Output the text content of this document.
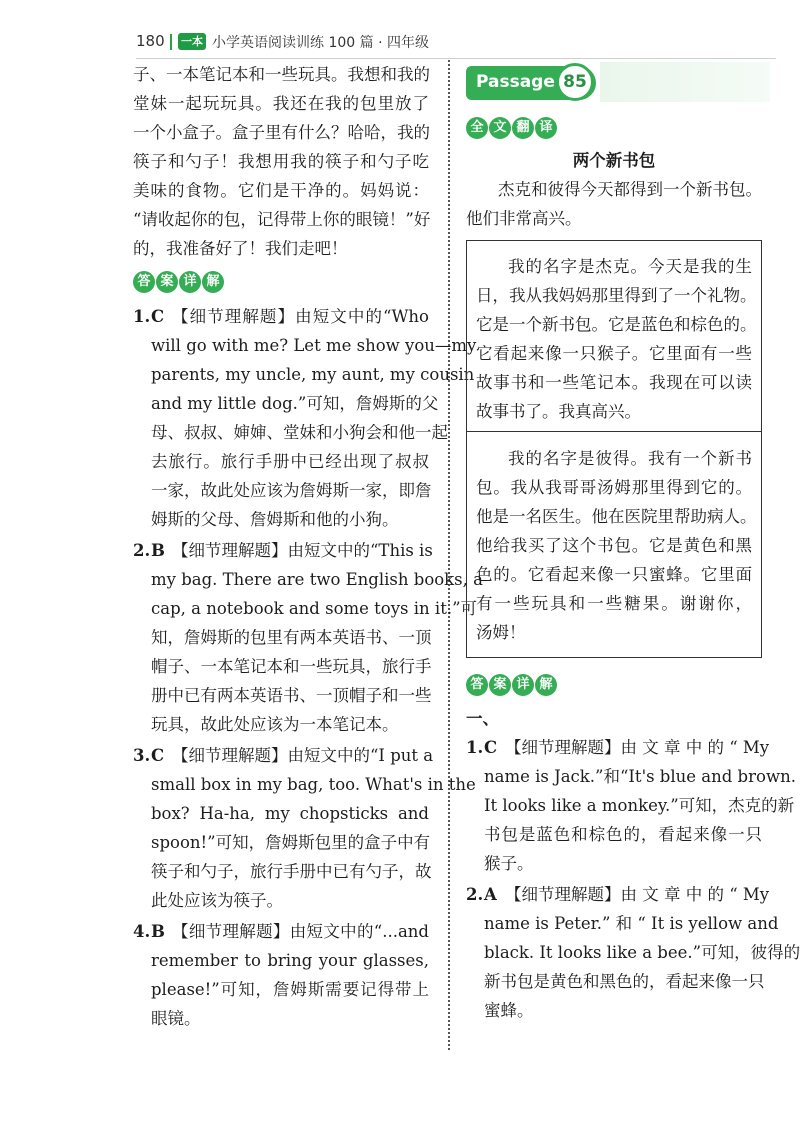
180 一本 小学英语阅读训练 100 篇 · 四年级
子、一本笔记本和一些玩具。我想和我的
堂妹一起玩玩具。我还在我的包里放了
一个小盒子。盒子里有什么？哈哈，我的
筷子和勺子！我想用我的筷子和勺子吃
美味的食物。它们是干净的。妈妈说：
“请收起你的包，记得带上你的眼镜！”好
的，我准备好了！我们走吧！
答 案 详 解
1. C 【细节理解题】由短文中的“Who
will go with me? Let me show you—my
parents, my uncle, my aunt, my cousin
and my little dog.”可知，詹姆斯的父
母、叔叔、婶婶、堂妹和小狗会和他一起
去旅行。旅行手册中已经出现了叔叔
一家，故此处应该为詹姆斯一家，即詹
姆斯的父母、詹姆斯和他的小狗。
2. B 【细节理解题】由短文中的“This is
my bag. There are two English books, a
cap, a notebook and some toys in it.”可
知，詹姆斯的包里有两本英语书、一顶
帽子、一本笔记本和一些玩具，旅行手
册中已有两本英语书、一顶帽子和一些
玩具，故此处应该为一本笔记本。
3. C 【细节理解题】由短文中的“I put a
small box in my bag, too. What's in the
box? Ha-ha, my chopsticks and
spoon!”可知，詹姆斯包里的盒子中有
筷子和勺子，旅行手册中已有勺子，故
此处应该为筷子。
4. B 【细节理解题】由短文中的“...and
remember to bring your glasses,
please!”可知，詹姆斯需要记得带上
眼镜。
Passage 85
全 文 翻 译
两个新书包
杰克和彼得今天都得到一个新书包。
他们非常高兴。
我的名字是杰克。今天是我的生
日，我从我妈妈那里得到了一个礼物。
它是一个新书包。它是蓝色和棕色的。
它看起来像一只猴子。它里面有一些
故事书和一些笔记本。我现在可以读
故事书了。我真高兴。
我的名字是彼得。我有一个新书
包。我从我哥哥汤姆那里得到它的。
他是一名医生。他在医院里帮助病人。
他给我买了这个书包。它是黄色和黑
色的。它看起来像一只蜜蜂。它里面
有一些玩具和一些糖果。谢谢你，
汤姆！
答 案 详 解
一、
1. C 【细节理解题】由 文 章 中 的 “ My
name is Jack.”和“It's blue and brown.
It looks like a monkey.”可知，杰克的新
书包是蓝色和棕色的，看起来像一只
猴子。
2. A 【细节理解题】由 文 章 中 的 “ My
name is Peter.” 和 “ It is yellow and
black. It looks like a bee.”可知，彼得的
新书包是黄色和黑色的，看起来像一只
蜜蜂。
